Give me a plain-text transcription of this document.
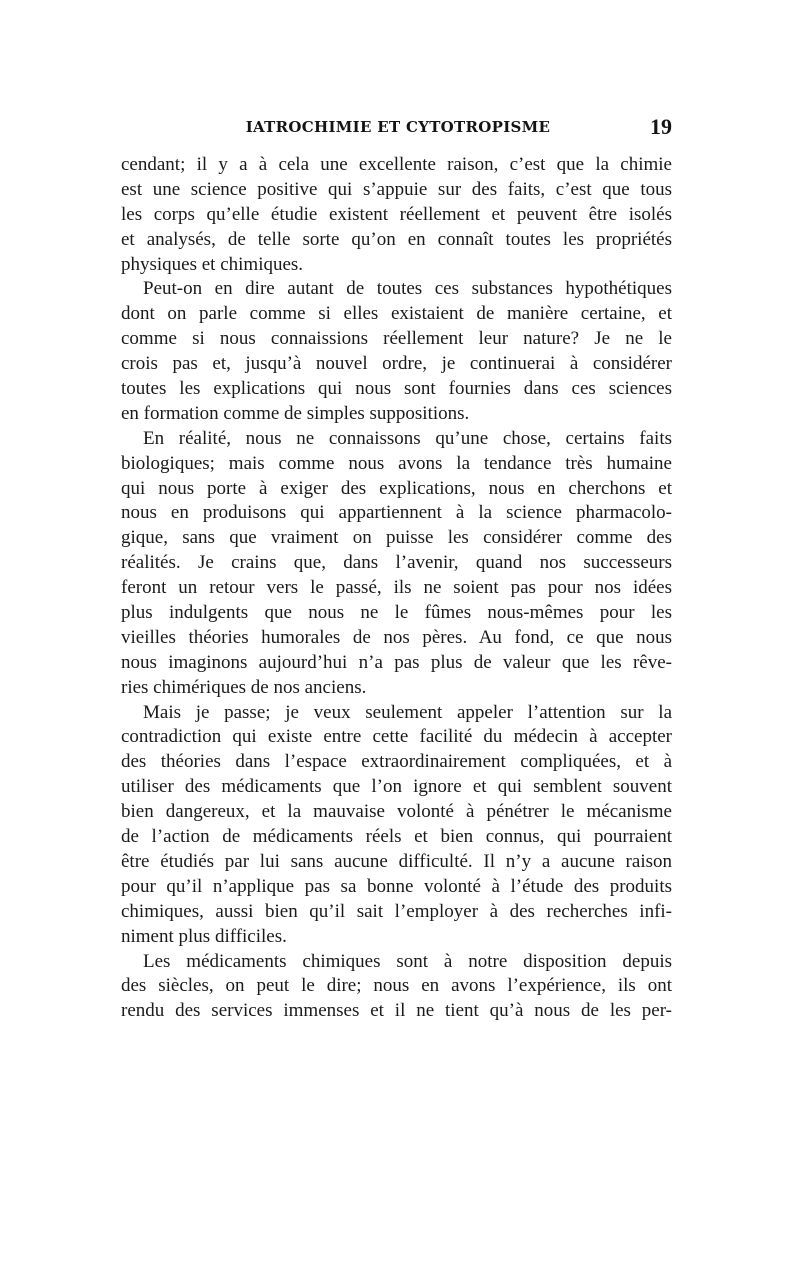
IATROCHIMIE ET CYTOTROPISME	19
cendant; il y a à cela une excellente raison, c’est que la chimie
est une science positive qui s’appuie sur des faits, c’est que tous
les corps qu’elle étudie existent réellement et peuvent être isolés
et analysés, de telle sorte qu’on en connaît toutes les propriétés
physiques et chimiques.
Peut-on en dire autant de toutes ces substances hypothétiques
dont on parle comme si elles existaient de manière certaine, et
comme si nous connaissions réellement leur nature? Je ne le
crois pas et, jusqu’à nouvel ordre, je continuerai à considérer
toutes les explications qui nous sont fournies dans ces sciences
en formation comme de simples suppositions.
En réalité, nous ne connaissons qu’une chose, certains faits
biologiques; mais comme nous avons la tendance très humaine
qui nous porte à exiger des explications, nous en cherchons et
nous en produisons qui appartiennent à la science pharmacolo-
gique, sans que vraiment on puisse les considérer comme des
réalités. Je crains que, dans l’avenir, quand nos successeurs
feront un retour vers le passé, ils ne soient pas pour nos idées
plus indulgents que nous ne le fûmes nous-mêmes pour les
vieilles théories humorales de nos pères. Au fond, ce que nous
nous imaginons aujourd’hui n’a pas plus de valeur que les rêve-
ries chimériques de nos anciens.
Mais je passe; je veux seulement appeler l’attention sur la
contradiction qui existe entre cette facilité du médecin à accepter
des théories dans l’espace extraordinairement compliquées, et à
utiliser des médicaments que l’on ignore et qui semblent souvent
bien dangereux, et la mauvaise volonté à pénétrer le mécanisme
de l’action de médicaments réels et bien connus, qui pourraient
être étudiés par lui sans aucune difficulté. Il n’y a aucune raison
pour qu’il n’applique pas sa bonne volonté à l’étude des produits
chimiques, aussi bien qu’il sait l’employer à des recherches infi-
niment plus difficiles.
Les médicaments chimiques sont à notre disposition depuis
des siècles, on peut le dire; nous en avons l’expérience, ils ont
rendu des services immenses et il ne tient qu’à nous de les per-
